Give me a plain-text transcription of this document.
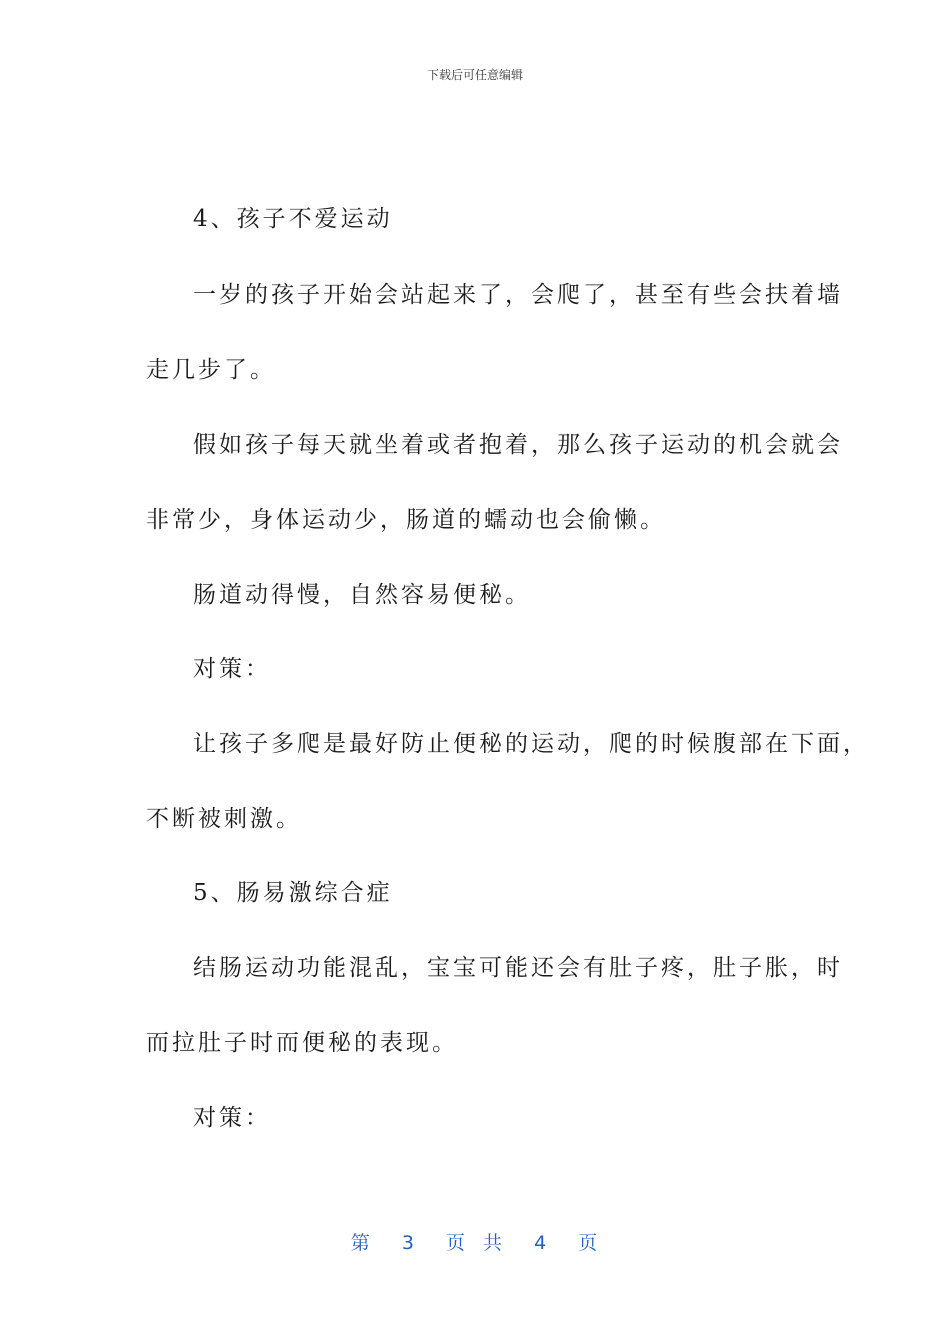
下载后可任意编辑
4、孩子不爱运动
一岁的孩子开始会站起来了，会爬了，甚至有些会扶着墙
走几步了。
假如孩子每天就坐着或者抱着，那么孩子运动的机会就会
非常少，身体运动少，肠道的蠕动也会偷懒。
肠道动得慢，自然容易便秘。
对策：
让孩子多爬是最好防止便秘的运动，爬的时候腹部在下面，
不断被刺激。
5、肠易激综合症
结肠运动功能混乱，宝宝可能还会有肚子疼，肚子胀，时
而拉肚子时而便秘的表现。
对策：
第 3 页 共 4 页
